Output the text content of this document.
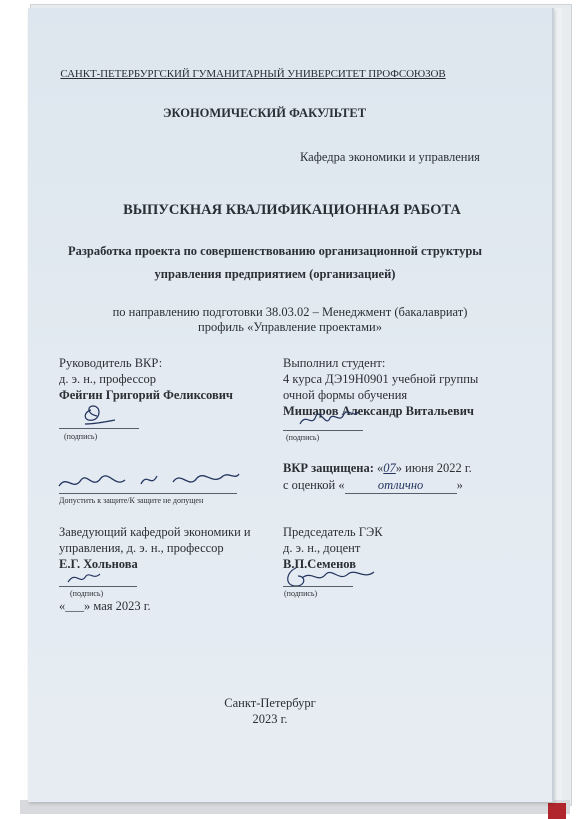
САНКТ-ПЕТЕРБУРГСКИЙ ГУМАНИТАРНЫЙ УНИВЕРСИТЕТ ПРОФСОЮЗОВ
ЭКОНОМИЧЕСКИЙ ФАКУЛЬТЕТ
Кафедра экономики и управления
ВЫПУСКНАЯ КВАЛИФИКАЦИОННАЯ РАБОТА
Разработка проекта по совершенствованию организационной структуры
управления предприятием (организацией)
по направлению подготовки 38.03.02 – Менеджмент (бакалавриат)
профиль «Управление проектами»
Руководитель ВКР:
д. э. н., профессор
Фейгин Григорий Феликсович
(подпись)
Выполнил студент:
4 курса ДЭ19Н0901 учебной группы
очной формы обучения
Мишаров Александр Витальевич
(подпись)
Допустить к защите/К защите не допущен
ВКР защищена: «07» июня 2022 г.
с оценкой «	отлично	»
Заведующий кафедрой экономики и
управления, д. э. н., профессор
Е.Г. Хольнова
(подпись)
«___» мая 2023 г.
Председатель ГЭК
д. э. н., доцент
В.П.Семенов
(подпись)
Санкт-Петербург
2023 г.
